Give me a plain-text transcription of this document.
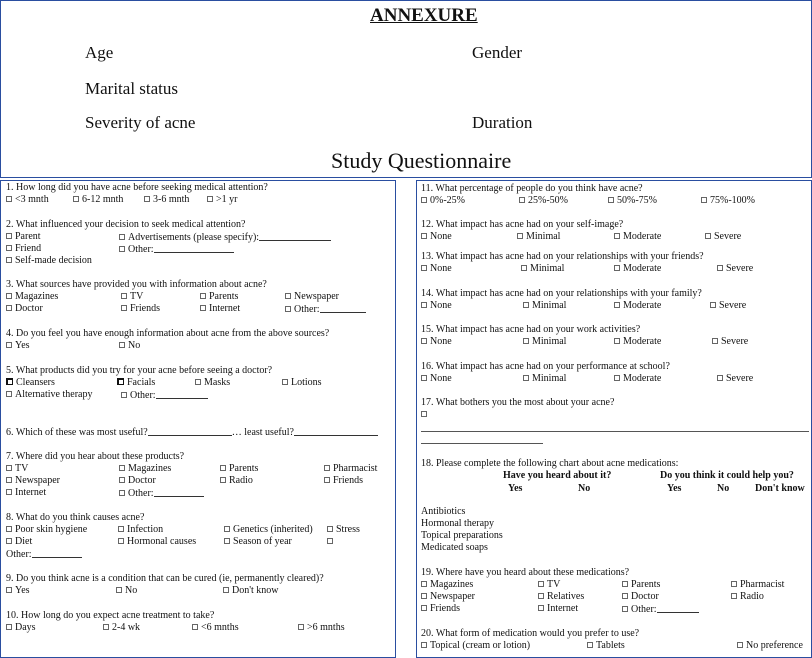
ANNEXURE
Age	Gender
Marital status
Severity of acne	Duration
Study Questionnaire
1. How long did you have acne before seeking medical attention?
<3 mnth	6-12 mnth	3-6 mnth	>1 yr
2. What influenced your decision to seek medical attention?
Parent	Advertisements (please specify):
Friend	Other:
Self-made decision
3. What sources have provided you with information about acne?
Magazines	TV	Parents	Newspaper
Doctor	Friends	Internet	Other:
4. Do you feel you have enough information about acne from the above sources?
Yes	No
5. What products did you try for your acne before seeing a doctor?
Cleansers	Facials	Masks	Lotions
Alternative therapy	Other:
6. Which of these was most useful?	… least useful?
7. Where did you hear about these products?
TV	Magazines	Parents	Pharmacist
Newspaper	Doctor	Radio	Friends
Internet	Other:
8. What do you think causes acne?
Poor skin hygiene	Infection	Genetics (inherited)	Stress
Diet	Hormonal causes	Season of year
Other:
9. Do you think acne is a condition that can be cured (ie, permanently cleared)?
Yes	No	Don't know
10. How long do you expect acne treatment to take?
Days	2-4 wk	<6 mnths	>6 mnths
11. What percentage of people do you think have acne?
0%-25%	25%-50%	50%-75%	75%-100%
12. What impact has acne had on your self-image?
None	Minimal	Moderate	Severe
13. What impact has acne had on your relationships with your friends?
None	Minimal	Moderate	Severe
14. What impact has acne had on your relationships with your family?
None	Minimal	Moderate	Severe
15. What impact has acne had on your work activities?
None	Minimal	Moderate	Severe
16. What impact has acne had on your performance at school?
None	Minimal	Moderate	Severe
17. What bothers you the most about your acne?
18. Please complete the following chart about acne medications:
Have you heard about it?	Do you think it could help you?
Yes	No	Yes	No	Don't know
Antibiotics
Hormonal therapy
Topical preparations
Medicated soaps
19. Where have you heard about these medications?
Magazines	TV	Parents	Pharmacist
Newspaper	Relatives	Doctor	Radio
Friends	Internet	Other:
20. What form of medication would you prefer to use?
Topical (cream or lotion)	Tablets	No preference
